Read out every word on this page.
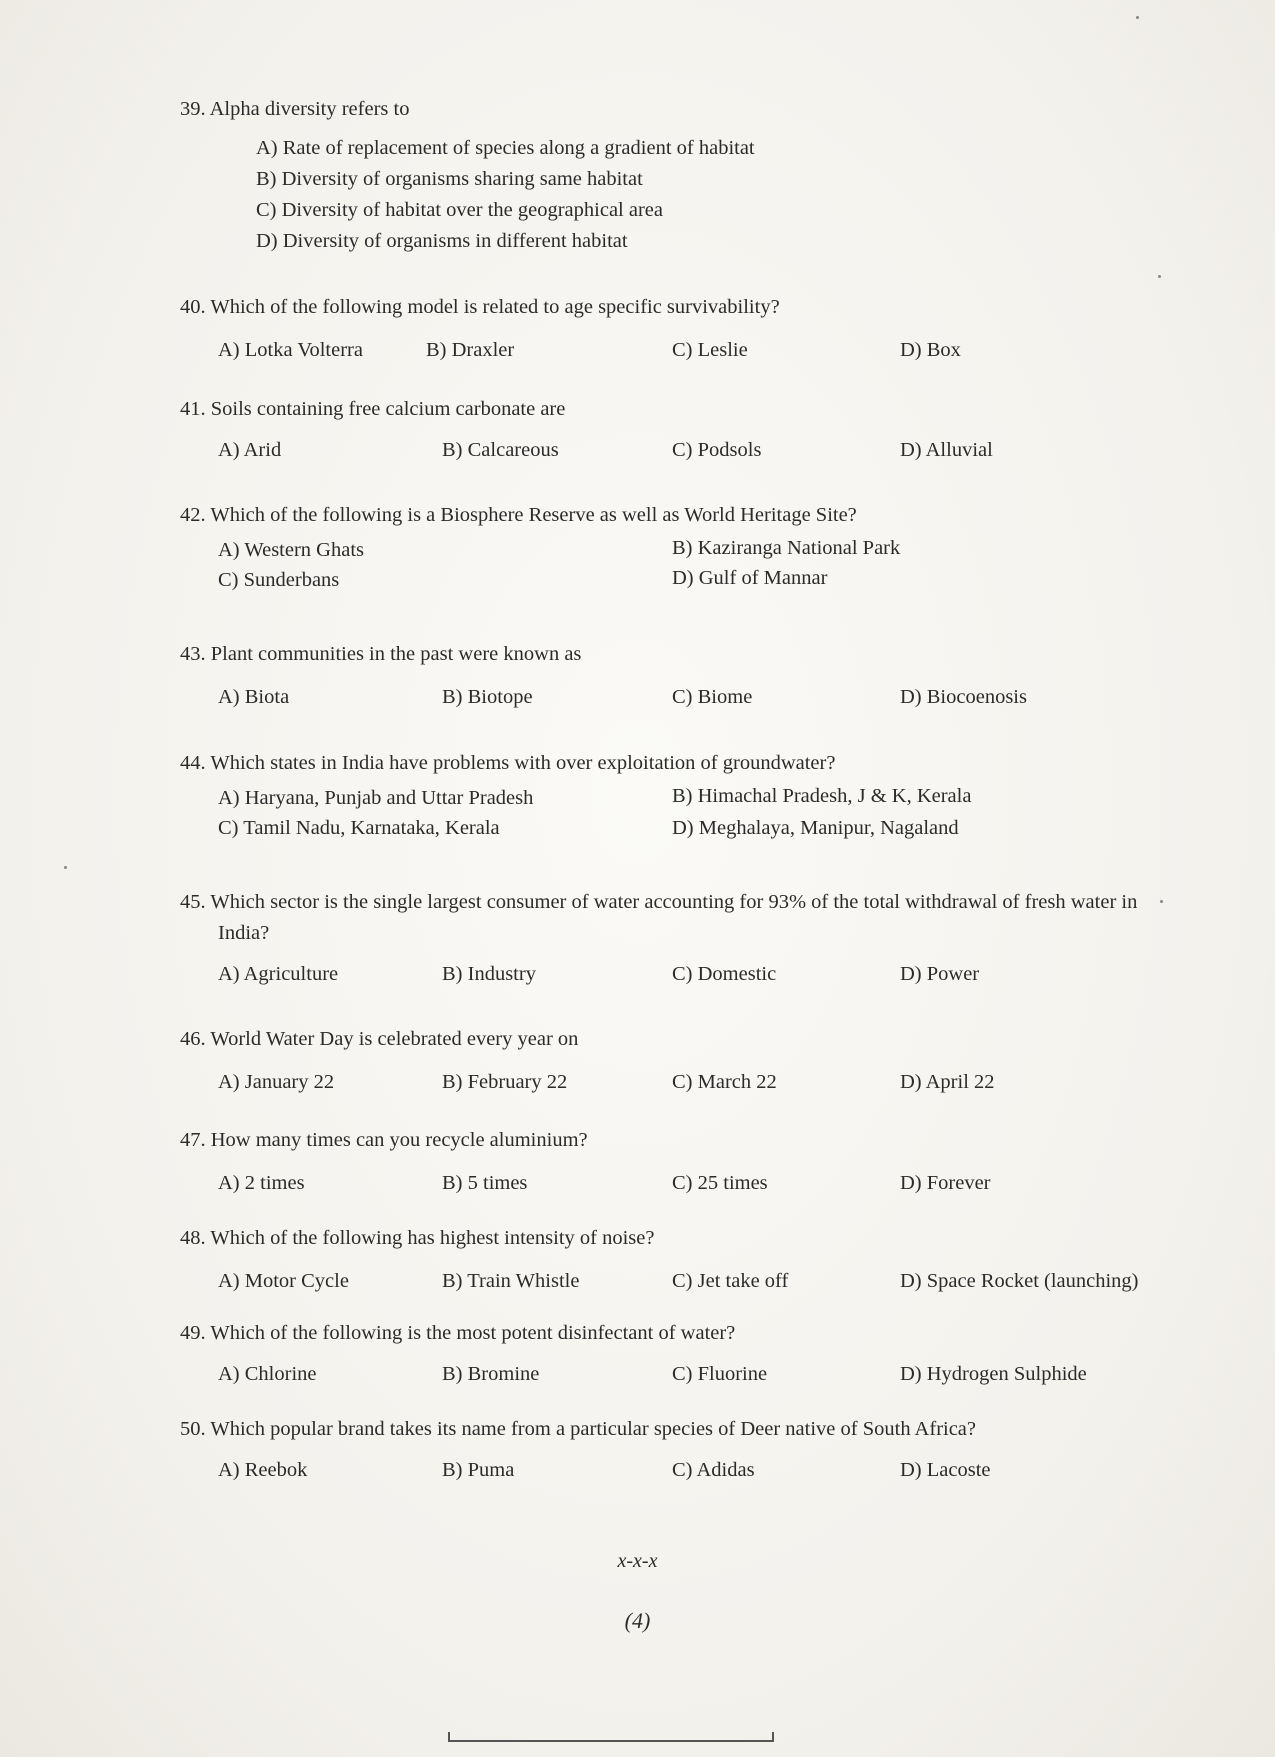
39. Alpha diversity refers to
A) Rate of replacement of species along a gradient of habitat
B) Diversity of organisms sharing same habitat
C) Diversity of habitat over the geographical area
D) Diversity of organisms in different habitat
40. Which of the following model is related to age specific survivability?
A) Lotka Volterra	B) Draxler	C) Leslie	D) Box
41. Soils containing free calcium carbonate are
A) Arid	B) Calcareous	C) Podsols	D) Alluvial
42. Which of the following is a Biosphere Reserve as well as World Heritage Site?
A) Western Ghats	B) Kaziranga National Park
C) Sunderbans	D) Gulf of Mannar
43. Plant communities in the past were known as
A) Biota	B) Biotope	C) Biome	D) Biocoenosis
44. Which states in India have problems with over exploitation of groundwater?
A) Haryana, Punjab and Uttar Pradesh	B) Himachal Pradesh, J & K, Kerala
C) Tamil Nadu, Karnataka, Kerala	D) Meghalaya, Manipur, Nagaland
45. Which sector is the single largest consumer of water accounting for 93% of the total withdrawal of fresh water in India?
A) Agriculture	B) Industry	C) Domestic	D) Power
46. World Water Day is celebrated every year on
A) January 22	B) February 22	C) March 22	D) April 22
47. How many times can you recycle aluminium?
A) 2 times	B) 5 times	C) 25 times	D) Forever
48. Which of the following has highest intensity of noise?
A) Motor Cycle	B) Train Whistle	C) Jet take off	D) Space Rocket (launching)
49. Which of the following is the most potent disinfectant of water?
A) Chlorine	B) Bromine	C) Fluorine	D) Hydrogen Sulphide
50. Which popular brand takes its name from a particular species of Deer native of South Africa?
A) Reebok	B) Puma	C) Adidas	D) Lacoste
x-x-x
(4)
